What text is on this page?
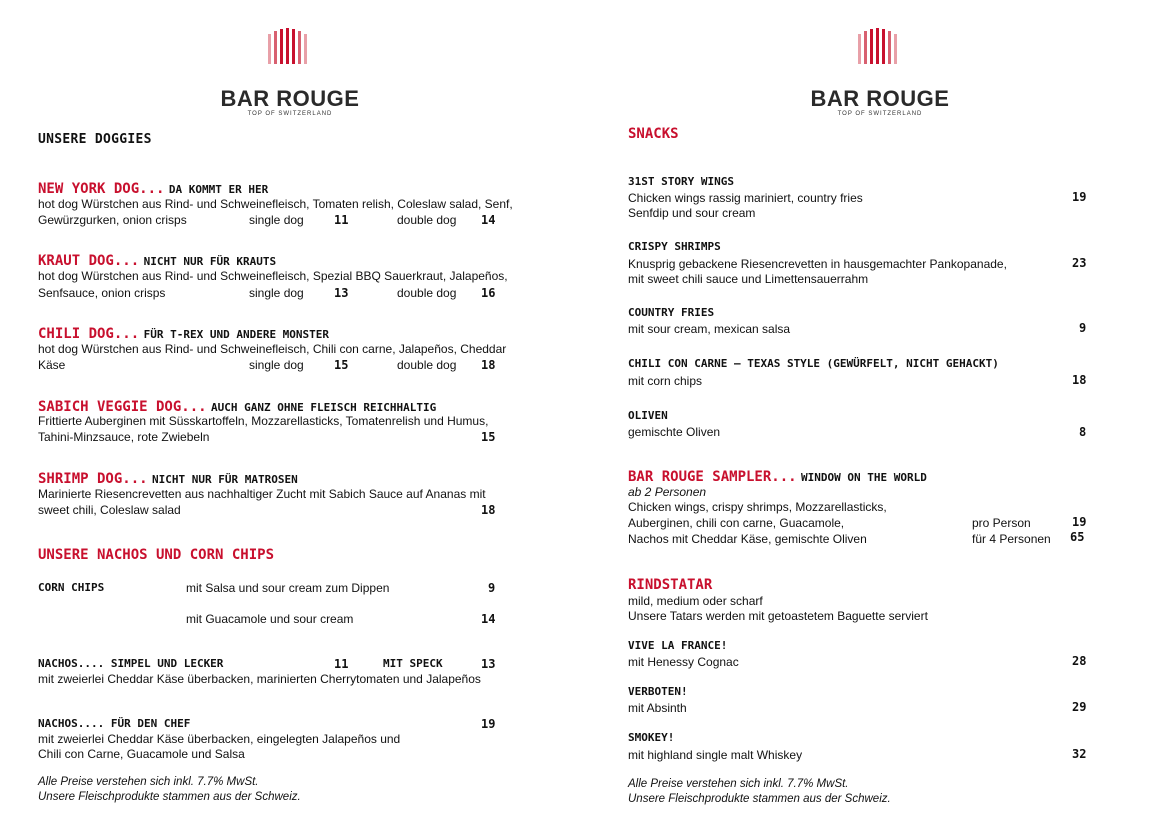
BAR ROUGE
TOP OF SWITZERLAND
UNSERE DOGGIES
NEW YORK DOG... DA KOMMT ER HER
hot dog Würstchen aus Rind- und Schweinefleisch, Tomaten relish, Coleslaw salad, Senf,
Gewürzgurken, onion crisps	single dog	11	double dog 14
KRAUT DOG... NICHT NUR FÜR KRAUTS
hot dog Würstchen aus Rind- und Schweinefleisch, Spezial BBQ Sauerkraut, Jalapeños,
Senfsauce, onion crisps	single dog	13	double dog 16
CHILI DOG... FÜR T-REX UND ANDERE MONSTER
hot dog Würstchen aus Rind- und Schweinefleisch, Chili con carne, Jalapeños, Cheddar
Käse	single dog	15	double dog 18
SABICH VEGGIE DOG... AUCH GANZ OHNE FLEISCH REICHHALTIG
Frittierte Auberginen mit Süsskartoffeln, Mozzarellasticks, Tomatenrelish und Humus,
Tahini-Minzsauce, rote Zwiebeln	15
SHRIMP DOG... NICHT NUR FÜR MATROSEN
Marinierte Riesencrevetten aus nachhaltiger Zucht mit Sabich Sauce auf Ananas mit
sweet chili, Coleslaw salad	18
UNSERE NACHOS UND CORN CHIPS
CORN CHIPS	mit Salsa und sour cream zum Dippen	9
mit Guacamole und sour cream	14
NACHOS.... SIMPEL UND LECKER	11	MIT SPECK	13
mit zweierlei Cheddar Käse überbacken, marinierten Cherrytomaten und Jalapeños
NACHOS.... FÜR DEN CHEF	19
mit zweierlei Cheddar Käse überbacken, eingelegten Jalapeños und
Chili con Carne, Guacamole und Salsa
Alle Preise verstehen sich inkl. 7.7% MwSt.
Unsere Fleischprodukte stammen aus der Schweiz.
BAR ROUGE
TOP OF SWITZERLAND
SNACKS
31ST STORY WINGS
Chicken wings rassig mariniert, country fries
Senfdip und sour cream
19
CRISPY SHRIMPS
Knusprig gebackene Riesencrevetten in hausgemachter Pankopanade,
mit sweet chili sauce und Limettensauerrahm
23
COUNTRY FRIES
mit sour cream, mexican salsa	9
CHILI CON CARNE – TEXAS STYLE (GEWÜRFELT, NICHT GEHACKT)
mit corn chips	18
OLIVEN
gemischte Oliven	8
BAR ROUGE SAMPLER... WINDOW ON THE WORLD
ab 2 Personen
Chicken wings, crispy shrimps, Mozzarellasticks,
Auberginen, chili con carne, Guacamole,
Nachos mit Cheddar Käse, gemischte Oliven
pro Person	19
für 4 Personen 65
RINDSTATAR
mild, medium oder scharf
Unsere Tatars werden mit getoastetem Baguette serviert
VIVE LA FRANCE!
mit Henessy Cognac	28
VERBOTEN!
mit Absinth	29
SMOKEY!
mit highland single malt Whiskey	32
Alle Preise verstehen sich inkl. 7.7% MwSt.
Unsere Fleischprodukte stammen aus der Schweiz.
